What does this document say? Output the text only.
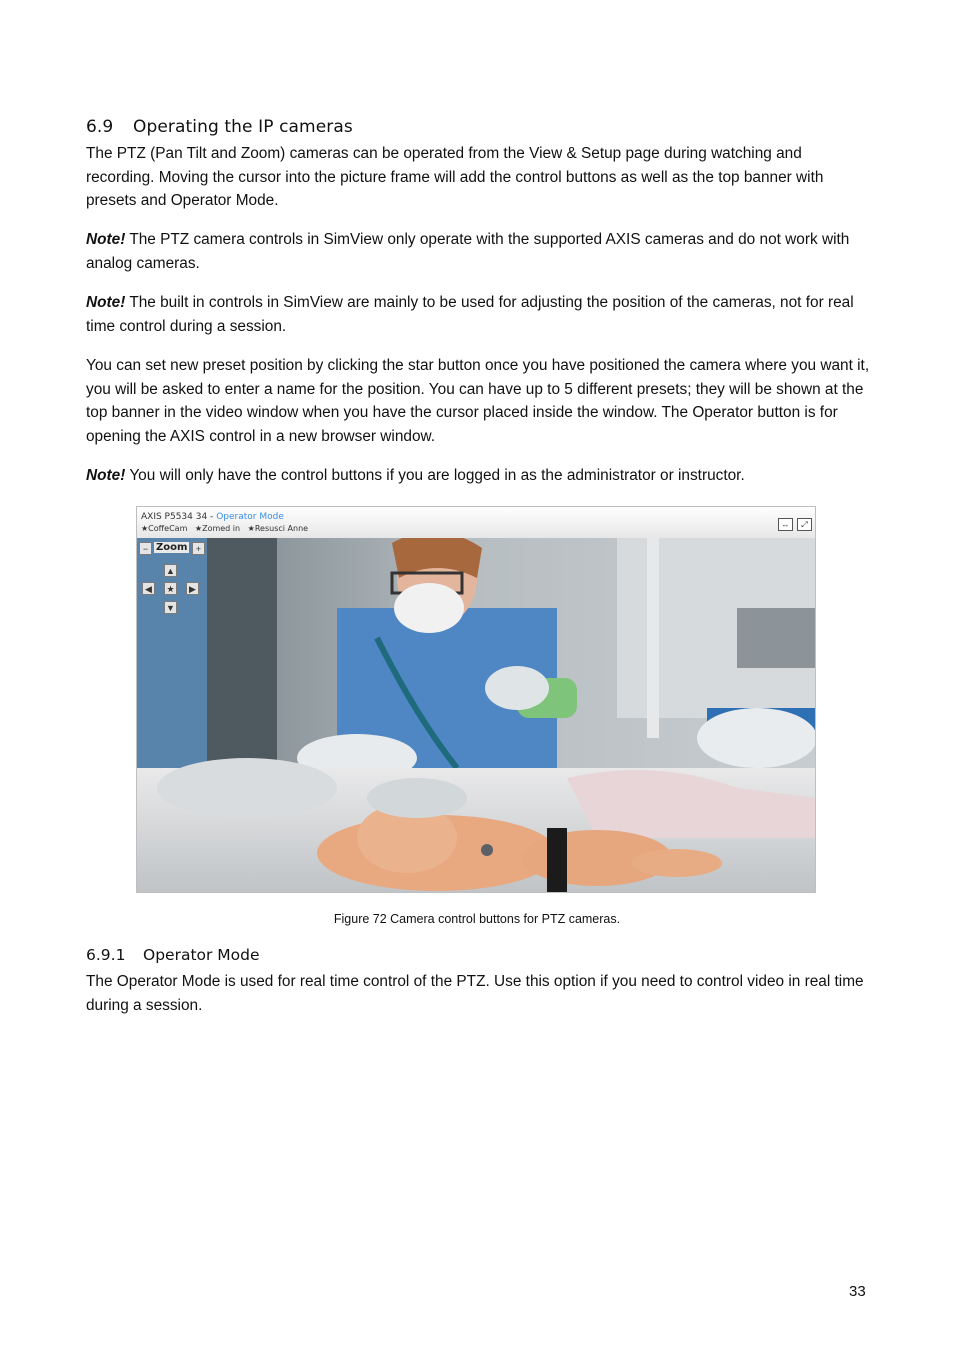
6.9 Operating the IP cameras

The PTZ (Pan Tilt and Zoom) cameras can be operated from the View & Setup page during watching and recording. Moving the cursor into the picture frame will add the control buttons as well as the top banner with presets and Operator Mode.

Note! The PTZ camera controls in SimView only operate with the supported AXIS cameras and do not work with analog cameras.

Note! The built in controls in SimView are mainly to be used for adjusting the position of the cameras, not for real time control during a session.

You can set new preset position by clicking the star button once you have positioned the camera where you want it, you will be asked to enter a name for the position. You can have up to 5 different presets; they will be shown at the top banner in the video window when you have the cursor placed inside the window. The Operator button is for opening the AXIS control in a new browser window.

Note! You will only have the control buttons if you are logged in as the administrator or instructor.

AXIS P5534 34 - Operator Mode
★CoffeCam ★Zomed in ★Resusci Anne	↔ ⤢
− Zoom +
▲
◀	★	▶
▼
Figure 72 Camera control buttons for PTZ cameras.
6.9.1 Operator Mode

The Operator Mode is used for real time control of the PTZ. Use this option if you need to control video in real time during a session.

33
